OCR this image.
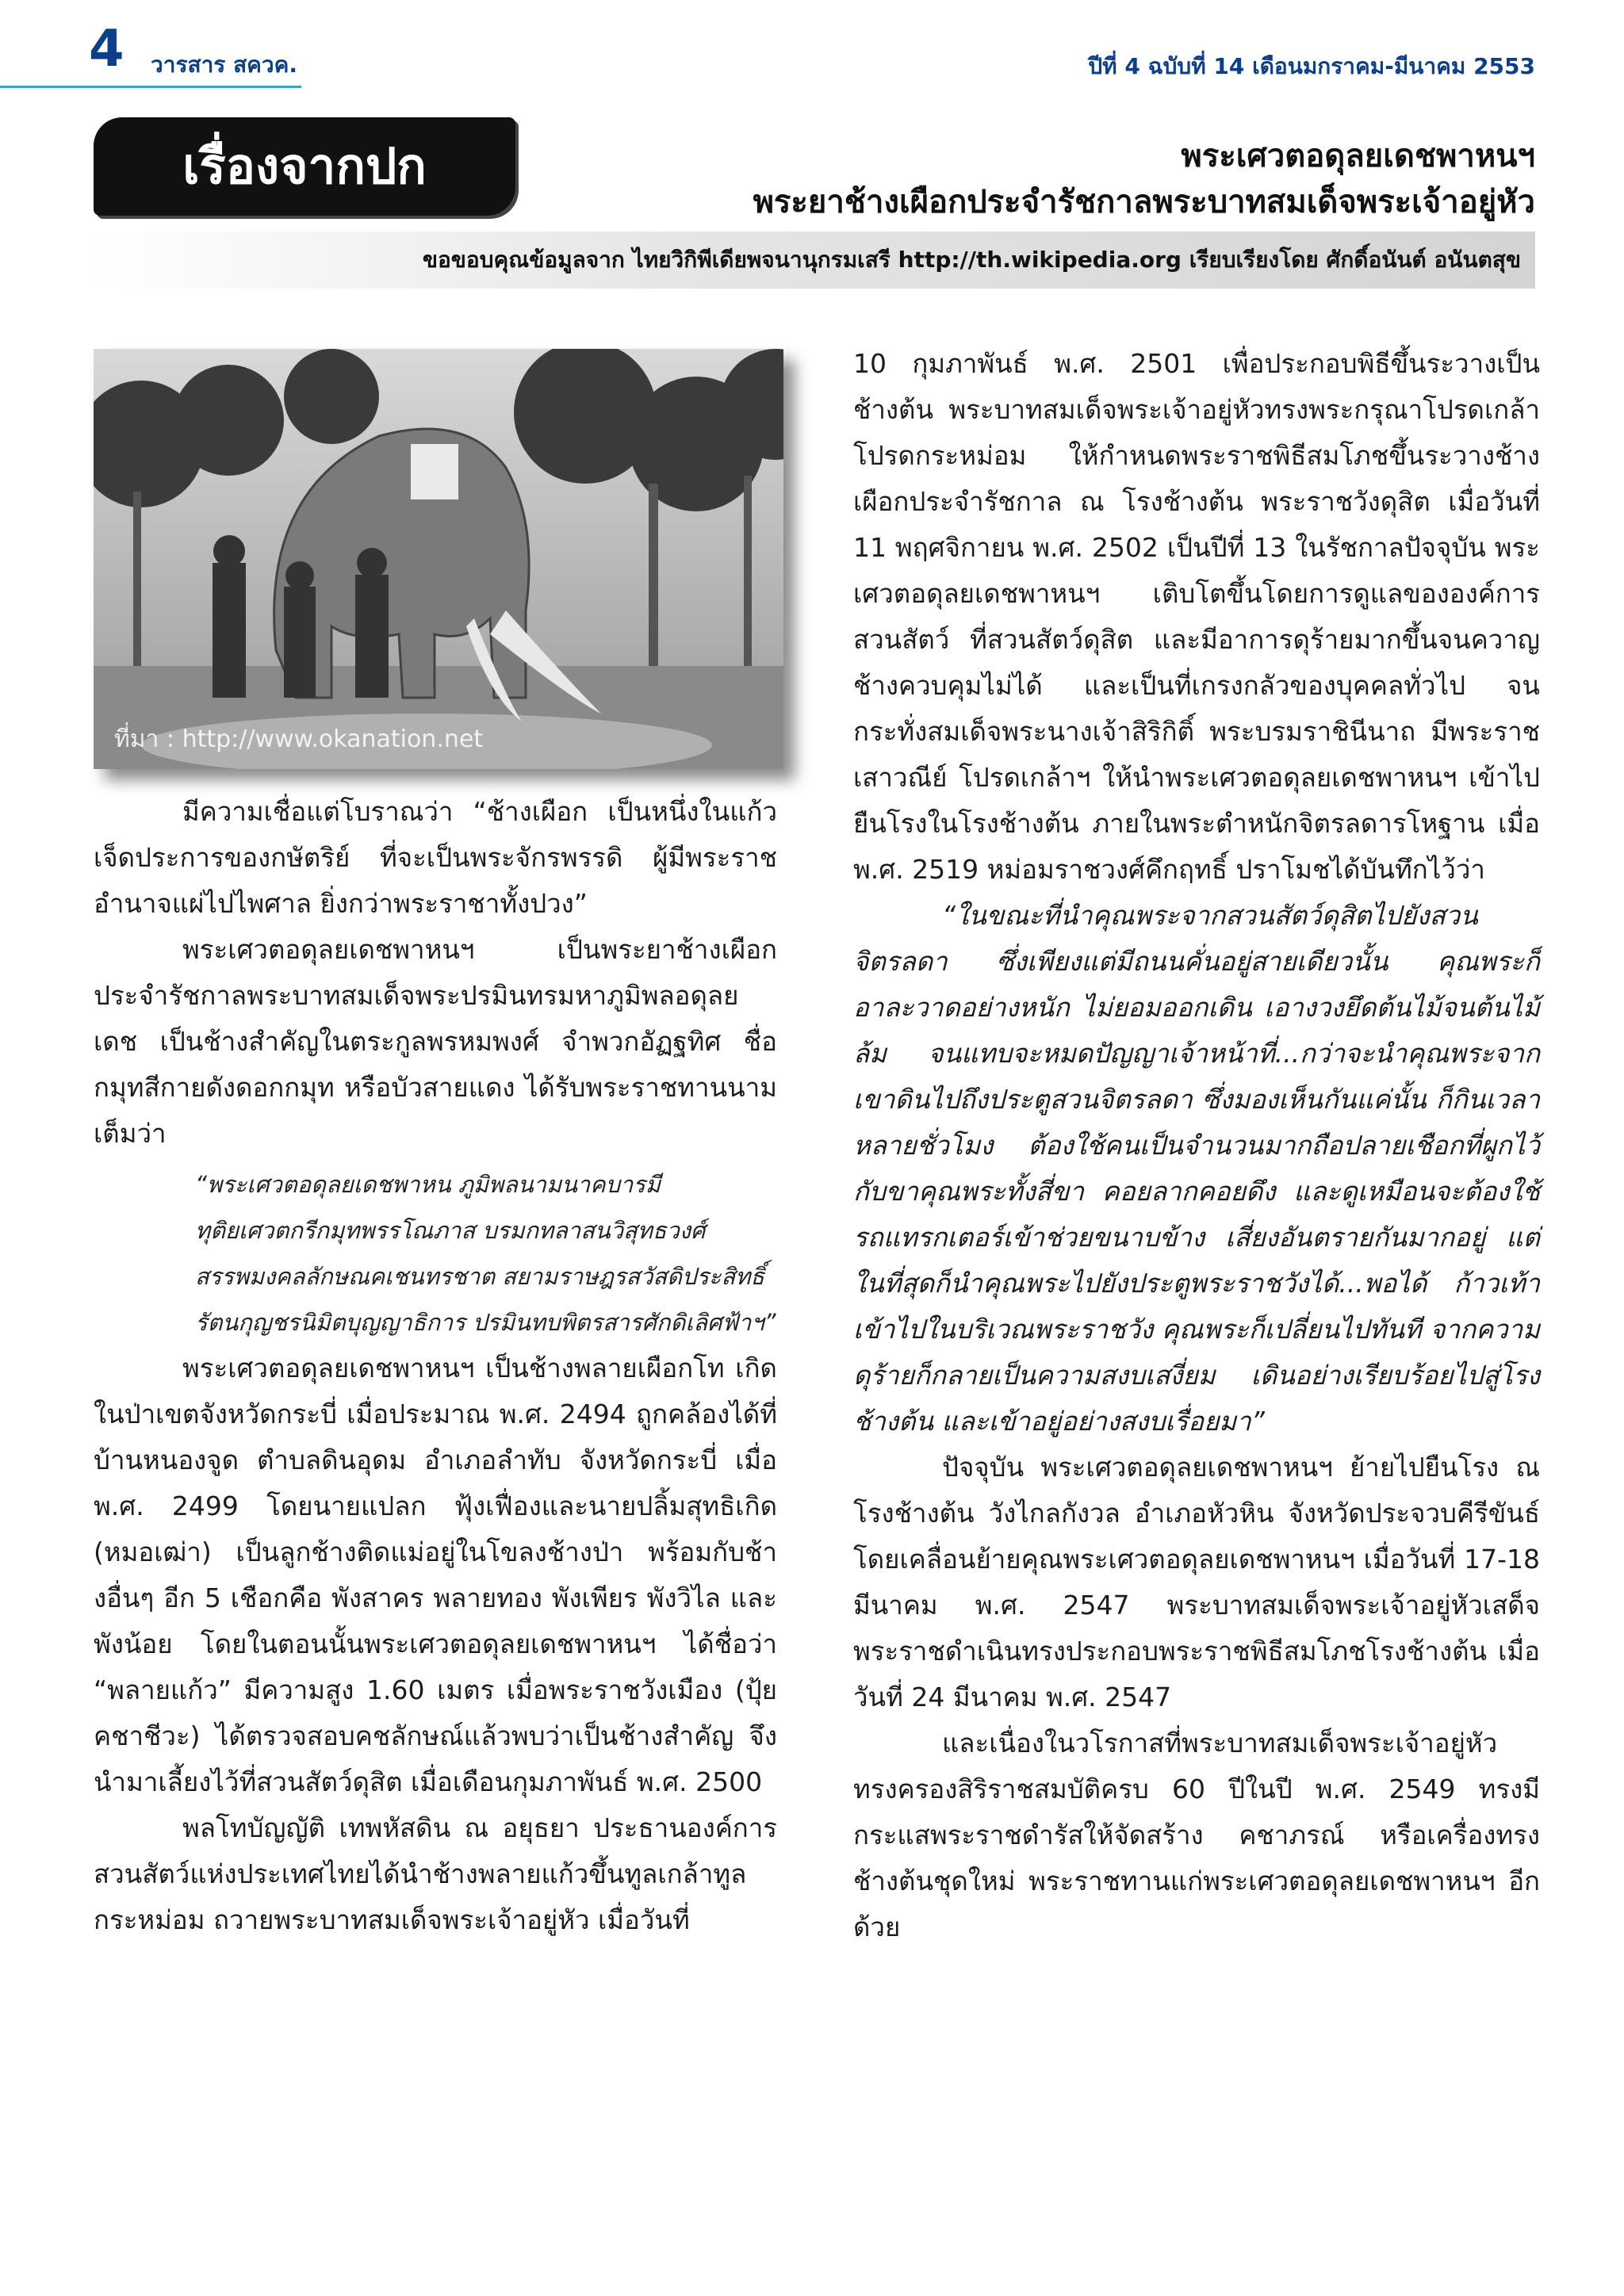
4 วารสาร สควค.	ปีที่ 4 ฉบับที่ 14 เดือนมกราคม-มีนาคม 2553
เรื่องจากปก	พระเศวตอดุลยเดชพาหนฯ
พระยาช้างเผือกประจำรัชกาลพระบาทสมเด็จพระเจ้าอยู่หัว
ขอขอบคุณข้อมูลจาก ไทยวิกิพีเดียพจนานุกรมเสรี http://th.wikipedia.org เรียบเรียงโดย ศักดิ์อนันต์ อนันตสุข
ที่มา : http://www.okanation.net

มีความเชื่อแต่โบราณว่า “ช้างเผือก เป็นหนึ่งในแก้วเจ็ดประการของกษัตริย์ ที่จะเป็นพระจักรพรรดิ ผู้มีพระราชอำนาจแผ่ไปไพศาล ยิ่งกว่าพระราชาทั้งปวง”

พระเศวตอดุลยเดชพาหนฯ เป็นพระยาช้างเผือกประจำรัชกาลพระบาทสมเด็จพระปรมินทรมหาภูมิพลอดุลยเดช เป็นช้างสำคัญในตระกูลพรหมพงศ์ จำพวกอัฏฐทิศ ชื่อ กมุทสีกายดังดอกกมุท หรือบัวสายแดง ได้รับพระราชทานนามเต็มว่า

“พระเศวตอดุลยเดชพาหน ภูมิพลนามนาคบารมี

ทุติยเศวตกรีกมุทพรรโณภาส บรมกทลาสนวิสุทธวงศ์

สรรพมงคลลักษณคเชนทรชาต สยามราษฎรสวัสดิประสิทธิ์

รัตนกุญชรนิมิตบุญญาธิการ ปรมินทบพิตรสารศักดิเลิศฟ้าฯ”

พระเศวตอดุลยเดชพาหนฯ เป็นช้างพลายเผือกโท เกิดในป่าเขตจังหวัดกระบี่ เมื่อประมาณ พ.ศ. 2494 ถูกคล้องได้ที่ บ้านหนองจูด ตำบลดินอุดม อำเภอลำทับ จังหวัดกระบี่ เมื่อ พ.ศ. 2499 โดยนายแปลก ฟุ้งเฟื่องและนายปลิ้มสุทธิเกิด (หมอเฒ่า) เป็นลูกช้างติดแม่อยู่ในโขลงช้างป่า พร้อมกับช้างอื่นๆ อีก 5 เชือกคือ พังสาคร พลายทอง พังเพียร พังวิไล และพังน้อย โดยในตอนนั้นพระเศวตอดุลยเดชพาหนฯ ได้ชื่อว่า “พลายแก้ว” มีความสูง 1.60 เมตร เมื่อพระราชวังเมือง (ปุ้ย คชาชีวะ) ได้ตรวจสอบคชลักษณ์แล้วพบว่าเป็นช้างสำคัญ จึงนำมาเลี้ยงไว้ที่สวนสัตว์ดุสิต เมื่อเดือนกุมภาพันธ์ พ.ศ. 2500

พลโทบัญญัติ เทพหัสดิน ณ อยุธยา ประธานองค์การสวนสัตว์แห่งประเทศไทยได้นำช้างพลายแก้วขึ้นทูลเกล้าทูลกระหม่อม ถวายพระบาทสมเด็จพระเจ้าอยู่หัว เมื่อวันที่

10 กุมภาพันธ์ พ.ศ. 2501 เพื่อประกอบพิธีขึ้นระวางเป็นช้างต้น พระบาทสมเด็จพระเจ้าอยู่หัวทรงพระกรุณาโปรดเกล้าโปรดกระหม่อม ให้กำหนดพระราชพิธีสมโภชขึ้นระวางช้างเผือกประจำรัชกาล ณ โรงช้างต้น พระราชวังดุสิต เมื่อวันที่ 11 พฤศจิกายน พ.ศ. 2502 เป็นปีที่ 13 ในรัชกาลปัจจุบัน พระเศวตอดุลยเดชพาหนฯ เติบโตขึ้นโดยการดูแลขององค์การสวนสัตว์ ที่สวนสัตว์ดุสิต และมีอาการดุร้ายมากขึ้นจนควาญช้างควบคุมไม่ได้ และเป็นที่เกรงกลัวของบุคคลทั่วไป จนกระทั่งสมเด็จพระนางเจ้าสิริกิติ์ พระบรมราชินีนาถ มีพระราชเสาวณีย์ โปรดเกล้าฯ ให้นำพระเศวตอดุลยเดชพาหนฯ เข้าไปยืนโรงในโรงช้างต้น ภายในพระตำหนักจิตรลดารโหฐาน เมื่อ พ.ศ. 2519 หม่อมราชวงศ์คึกฤทธิ์ ปราโมชได้บันทึกไว้ว่า

“ในขณะที่นำคุณพระจากสวนสัตว์ดุสิตไปยังสวนจิตรลดา ซึ่งเพียงแต่มีถนนคั่นอยู่สายเดียวนั้น คุณพระก็อาละวาดอย่างหนัก ไม่ยอมออกเดิน เอางวงยึดต้นไม้จนต้นไม้ล้ม จนแทบจะหมดปัญญาเจ้าหน้าที่...กว่าจะนำคุณพระจากเขาดินไปถึงประตูสวนจิตรลดา ซึ่งมองเห็นกันแค่นั้น ก็กินเวลาหลายชั่วโมง ต้องใช้คนเป็นจำนวนมากถือปลายเชือกที่ผูกไว้กับขาคุณพระทั้งสี่ขา คอยลากคอยดึง และดูเหมือนจะต้องใช้รถแทรกเตอร์เข้าช่วยขนาบข้าง เสี่ยงอันตรายกันมากอยู่ แต่ในที่สุดก็นำคุณพระไปยังประตูพระราชวังได้...พอได้ ก้าวเท้าเข้าไปในบริเวณพระราชวัง คุณพระก็เปลี่ยนไปทันที จากความดุร้ายก็กลายเป็นความสงบเสงี่ยม เดินอย่างเรียบร้อยไปสู่โรงช้างต้น และเข้าอยู่อย่างสงบเรื่อยมา”

ปัจจุบัน พระเศวตอดุลยเดชพาหนฯ ย้ายไปยืนโรง ณ โรงช้างต้น วังไกลกังวล อำเภอหัวหิน จังหวัดประจวบคีรีขันธ์ โดยเคลื่อนย้ายคุณพระเศวตอดุลยเดชพาหนฯ เมื่อวันที่ 17-18 มีนาคม พ.ศ. 2547 พระบาทสมเด็จพระเจ้าอยู่หัวเสด็จพระราชดำเนินทรงประกอบพระราชพิธีสมโภชโรงช้างต้น เมื่อวันที่ 24 มีนาคม พ.ศ. 2547

และเนื่องในวโรกาสที่พระบาทสมเด็จพระเจ้าอยู่หัวทรงครองสิริราชสมบัติครบ 60 ปีในปี พ.ศ. 2549 ทรงมีกระแสพระราชดำรัสให้จัดสร้าง คชาภรณ์ หรือเครื่องทรงช้างต้นชุดใหม่ พระราชทานแก่พระเศวตอดุลยเดชพาหนฯ อีกด้วย
